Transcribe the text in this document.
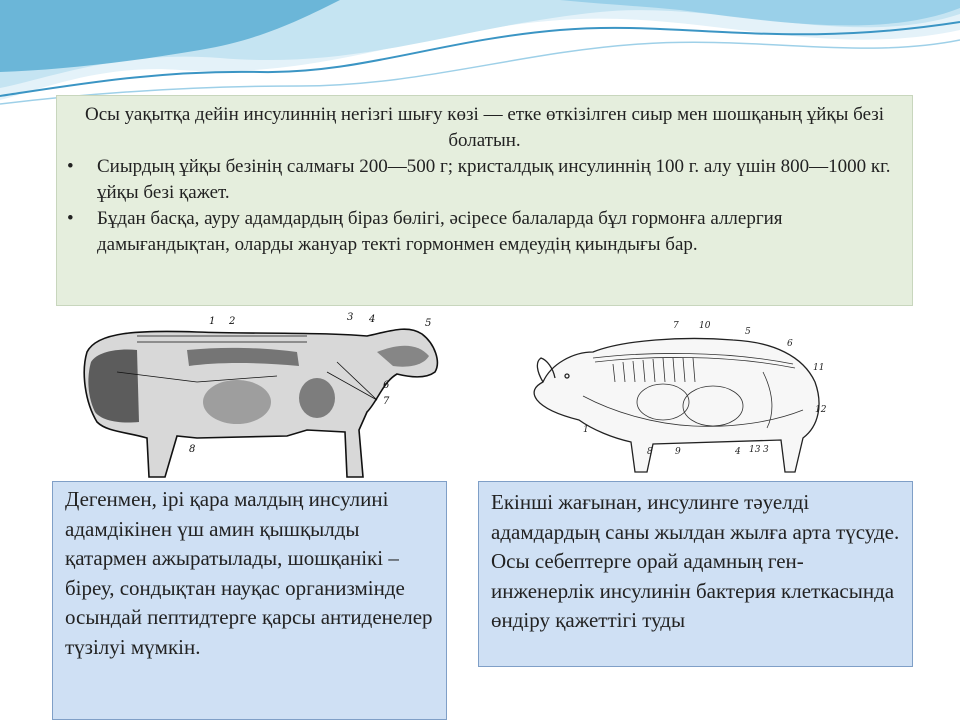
Осы уақытқа дейін инсулиннің негізгі шығу көзі — етке өткізілген сиыр мен шошқаның ұйқы безі болатын.
• Сиырдың ұйқы безінің салмағы 200—500 г; кристалдық инсулиннің 100 г. алу үшін 800—1000 кг. ұйқы безі қажет.
• Бұдан басқа, ауру адамдардың біраз бөлігі, әсіресе балаларда бұл гормонға аллергия дамығандықтан, оларды жануар текті гормонмен емдеудің қиындығы бар.
1 2	3 4	5
6
7
8
7 10
5
6
11
12
1
8 9	4 13 3
Дегенмен, ірі қара малдың инсулині адамдікінен үш амин қышқылды қатармен ажыратылады, шошқанікі – біреу, сондықтан науқас организмінде осындай пептидтерге қарсы антиденелер түзілуі мүмкін.
Екінші жағынан, инсулинге тәуелді адамдардың саны жылдан жылға арта түсуде. Осы себептерге орай адамның ген-инженерлік инсулинін бактерия клеткасында өндіру қажеттігі туды
